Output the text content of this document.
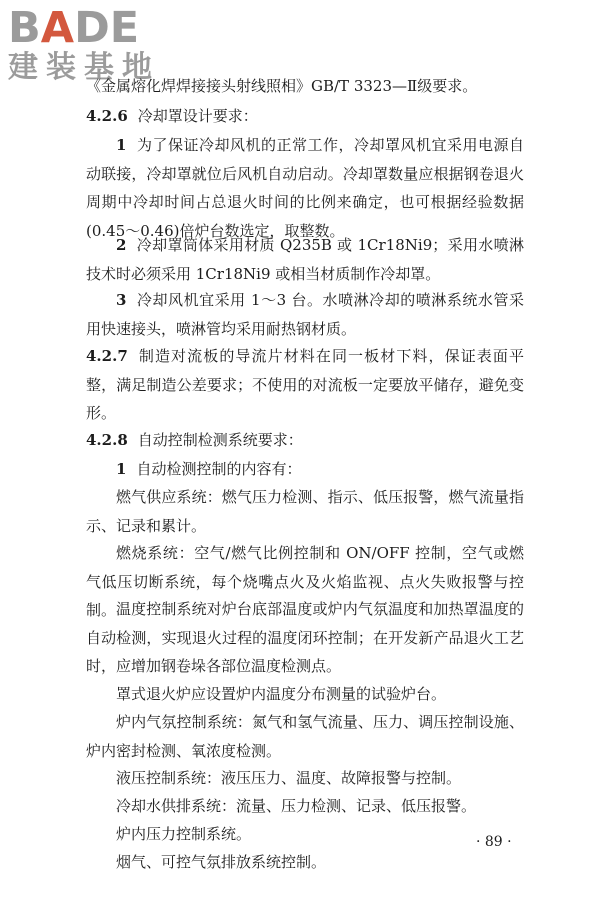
BADE
建装基地
《金属熔化焊焊接接头射线照相》GB/T 3323—Ⅱ级要求。

4.2.6 冷却罩设计要求：

1 为了保证冷却风机的正常工作，冷却罩风机宜采用电源自动联接，冷却罩就位后风机自动启动。冷却罩数量应根据钢卷退火周期中冷却时间占总退火时间的比例来确定，也可根据经验数据(0.45～0.46)倍炉台数选定，取整数。

2 冷却罩筒体采用材质 Q235B 或 1Cr18Ni9；采用水喷淋技术时必须采用 1Cr18Ni9 或相当材质制作冷却罩。

3 冷却风机宜采用 1～3 台。水喷淋冷却的喷淋系统水管采用快速接头，喷淋管均采用耐热钢材质。

4.2.7 制造对流板的导流片材料在同一板材下料，保证表面平整，满足制造公差要求；不使用的对流板一定要放平储存，避免变形。

4.2.8 自动控制检测系统要求：

1 自动检测控制的内容有：

燃气供应系统：燃气压力检测、指示、低压报警，燃气流量指示、记录和累计。

燃烧系统：空气/燃气比例控制和 ON/OFF 控制，空气或燃气低压切断系统，每个烧嘴点火及火焰监视、点火失败报警与控制。 温度控制系统对炉台底部温度或炉内气氛温度和加热罩温度的自动检测，实现退火过程的温度闭环控制；在开发新产品退火工艺时，应增加钢卷垛各部位温度检测点。

罩式退火炉应设置炉内温度分布测量的试验炉台。

炉内气氛控制系统：氮气和氢气流量、压力、调压控制设施、炉内密封检测、氧浓度检测。

液压控制系统：液压压力、温度、故障报警与控制。

冷却水供排系统：流量、压力检测、记录、低压报警。

炉内压力控制系统。

烟气、可控气氛排放系统控制。

· 89 ·
